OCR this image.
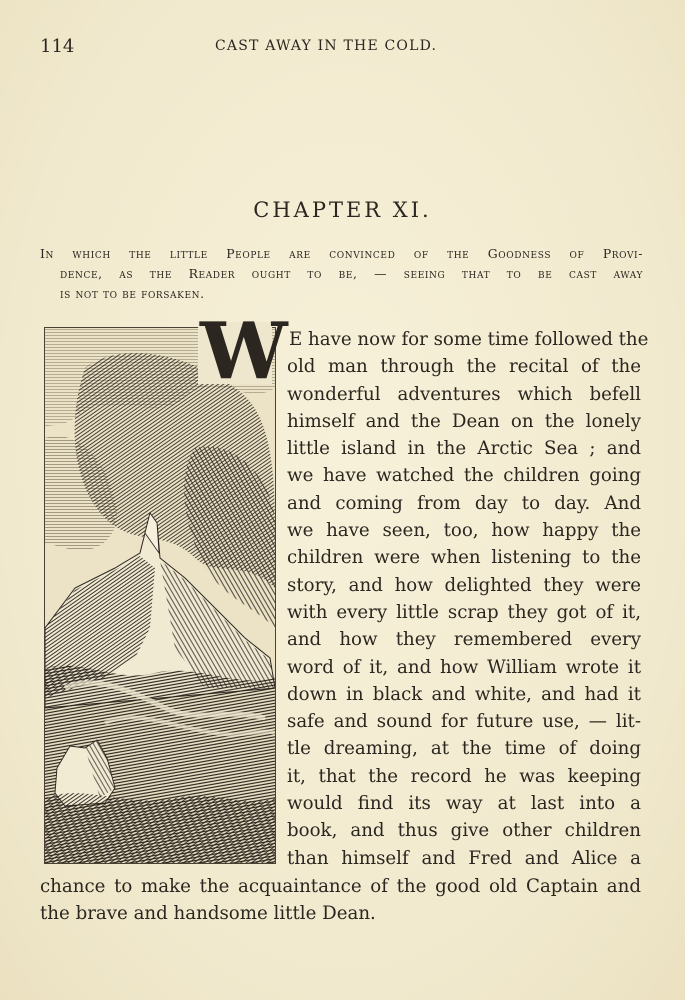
114	CAST AWAY IN THE COLD.
CHAPTER XI.
In which the little People are convinced of the Goodness of Provi-
dence, as the Reader ought to be, — seeing that to be cast away
is not to be forsaken.
W E have now for some time followed the
old man through the recital of the
wonderful adventures which befell
himself and the Dean on the lonely
little island in the Arctic Sea ; and
we have watched the children going
and coming from day to day. And
we have seen, too, how happy the
children were when listening to the
story, and how delighted they were
with every little scrap they got of it,
and how they remembered every
word of it, and how William wrote it
down in black and white, and had it
safe and sound for future use, — lit-
tle dreaming, at the time of doing
it, that the record he was keeping
would find its way at last into a
book, and thus give other children
than himself and Fred and Alice a
chance to make the acquaintance of the good old Captain and
the brave and handsome little Dean.
